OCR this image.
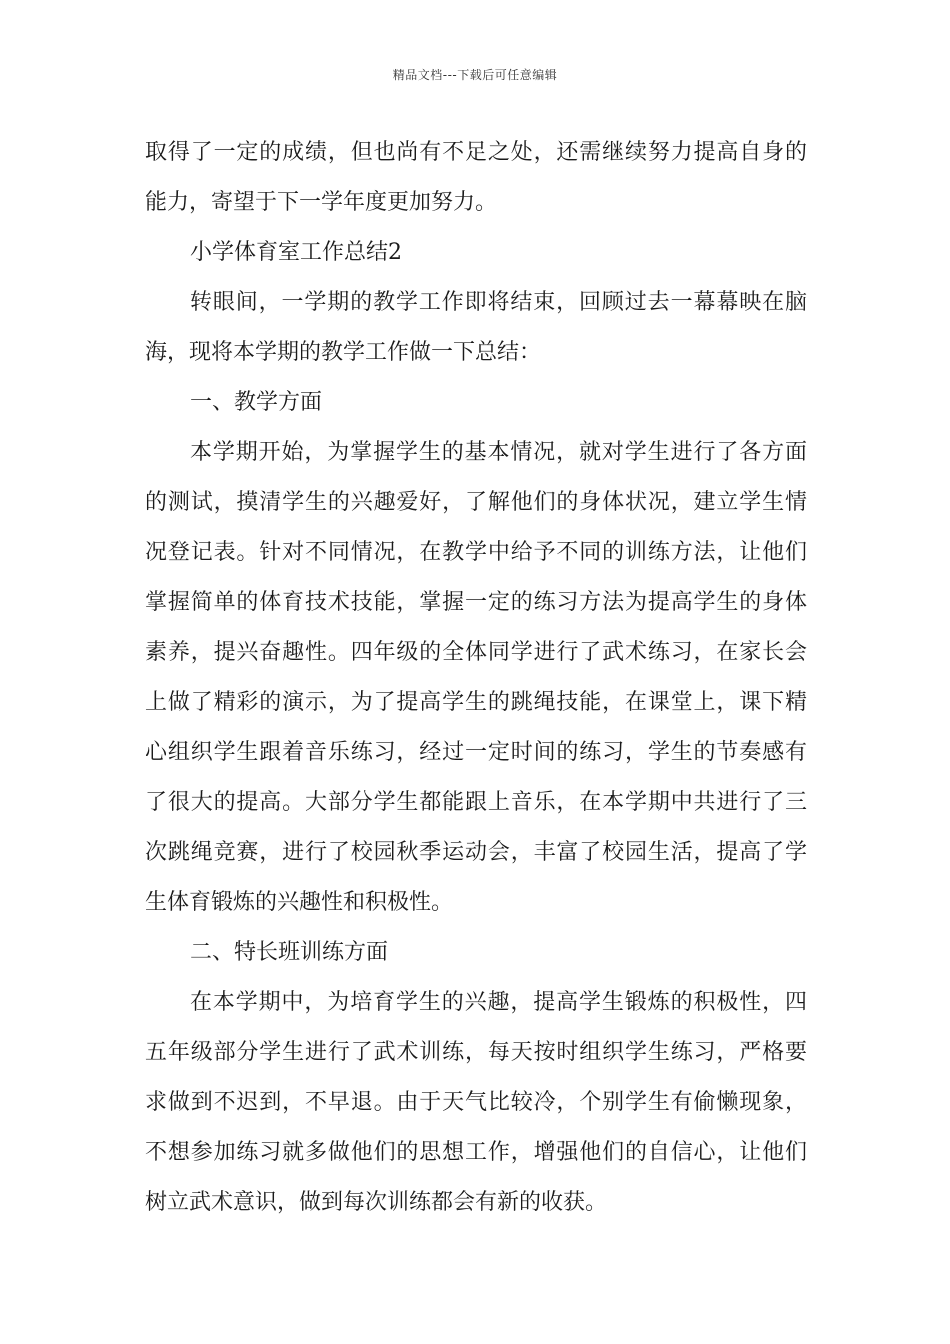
精品文档---下载后可任意编辑
取得了一定的成绩，但也尚有不足之处，还需继续努力提高自身的
能力，寄望于下一学年度更加努力。
小学体育室工作总结2
转眼间，一学期的教学工作即将结束，回顾过去一幕幕映在脑
海，现将本学期的教学工作做一下总结：
一、教学方面
本学期开始，为掌握学生的基本情况，就对学生进行了各方面
的测试，摸清学生的兴趣爱好，了解他们的身体状况，建立学生情
况登记表。针对不同情况，在教学中给予不同的训练方法，让他们
掌握简单的体育技术技能，掌握一定的练习方法为提高学生的身体
素养，提兴奋趣性。四年级的全体同学进行了武术练习，在家长会
上做了精彩的演示，为了提高学生的跳绳技能，在课堂上，课下精
心组织学生跟着音乐练习，经过一定时间的练习，学生的节奏感有
了很大的提高。大部分学生都能跟上音乐，在本学期中共进行了三
次跳绳竞赛，进行了校园秋季运动会，丰富了校园生活，提高了学
生体育锻炼的兴趣性和积极性。
二、特长班训练方面
在本学期中，为培育学生的兴趣，提高学生锻炼的积极性，四
五年级部分学生进行了武术训练，每天按时组织学生练习，严格要
求做到不迟到，不早退。由于天气比较冷，个别学生有偷懒现象，
不想参加练习就多做他们的思想工作，增强他们的自信心，让他们
树立武术意识，做到每次训练都会有新的收获。
